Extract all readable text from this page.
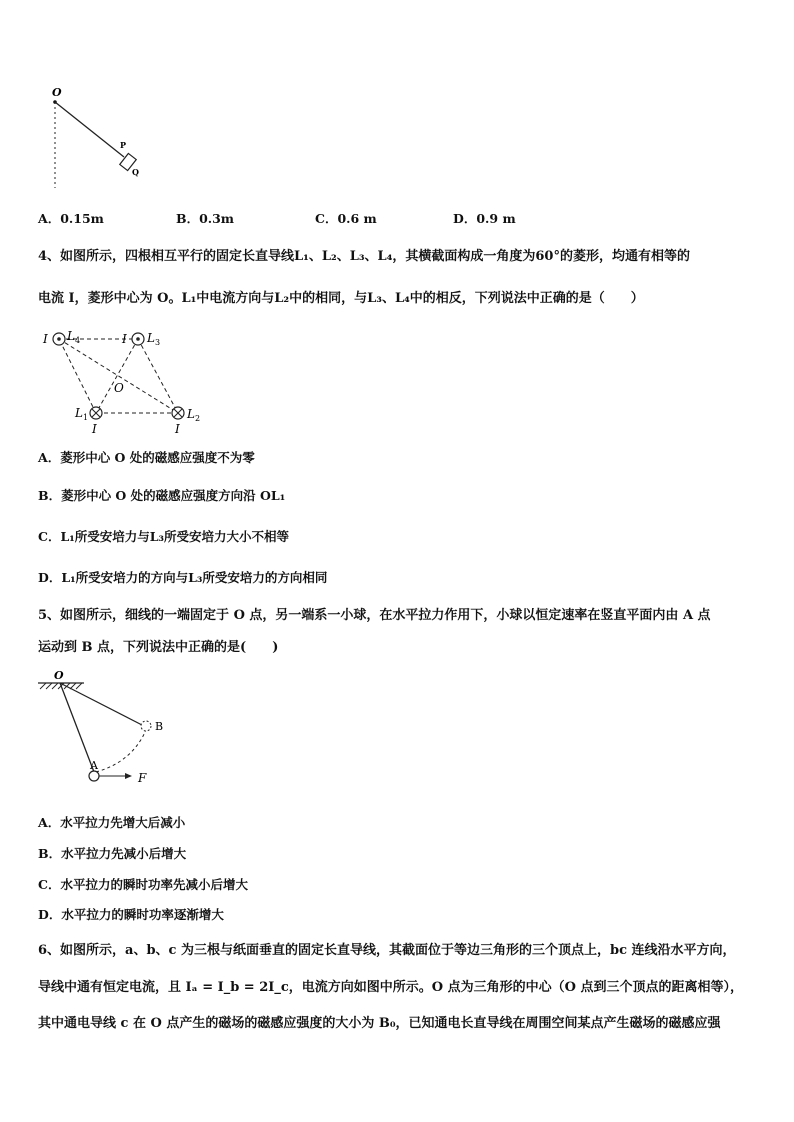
O
P
Q
A．0.15m	B．0.3m	C．0.6 m	D．0.9 m
4、如图所示，四根相互平行的固定长直导线L₁、L₂、L₃、L₄，其横截面构成一角度为60°的菱形，均通有相等的
电流 I，菱形中心为 O。L₁中电流方向与L₂中的相同，与L₃、L₄中的相反，下列说法中正确的是（　　）
I L 4	I L 3
O
L 1
I
L 2
I
A．菱形中心 O 处的磁感应强度不为零
B．菱形中心 O 处的磁感应强度方向沿 OL₁
C．L₁所受安培力与L₃所受安培力大小不相等
D．L₁所受安培力的方向与L₃所受安培力的方向相同
5、如图所示，细线的一端固定于 O 点，另一端系一小球，在水平拉力作用下，小球以恒定速率在竖直平面内由 A 点
运动到 B 点，下列说法中正确的是(　　)
O
A
B
F
A．水平拉力先增大后减小
B．水平拉力先减小后增大
C．水平拉力的瞬时功率先减小后增大
D．水平拉力的瞬时功率逐渐增大
6、如图所示，a、b、c 为三根与纸面垂直的固定长直导线，其截面位于等边三角形的三个顶点上，bc 连线沿水平方向，
导线中通有恒定电流，且 Iₐ = I_b = 2I_c，电流方向如图中所示。O 点为三角形的中心（O 点到三个顶点的距离相等），
其中通电导线 c 在 O 点产生的磁场的磁感应强度的大小为 B₀，已知通电长直导线在周围空间某点产生磁场的磁感应强
